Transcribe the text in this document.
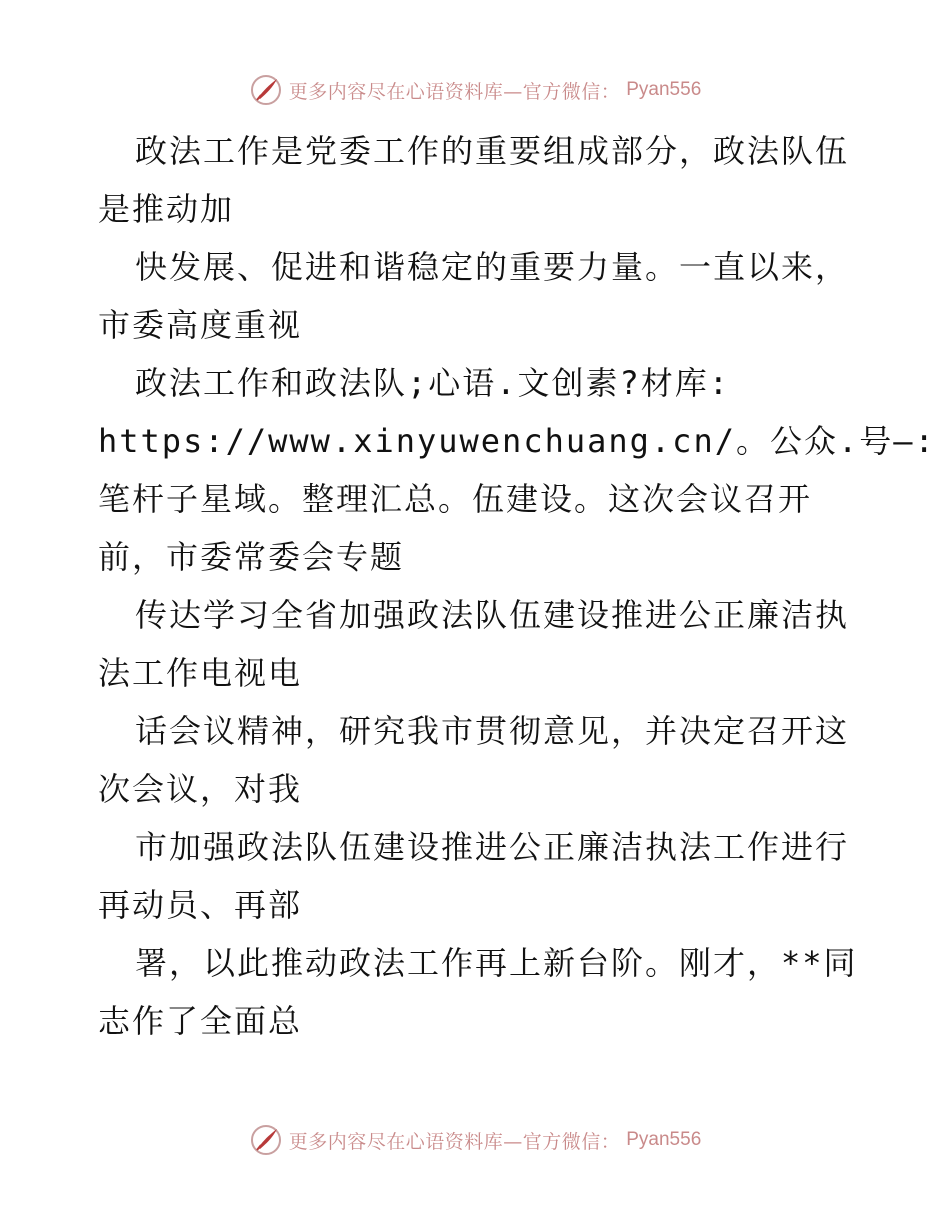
更多内容尽在心语资料库—官方微信： Pyan556
政法工作是党委工作的重要组成部分，政法队伍
是推动加
快发展、促进和谐稳定的重要力量。一直以来，
市委高度重视
政法工作和政法队;心语.文创素?材库:
https://www.xinyuwenchuang.cn/。公众.号—:
笔杆子星域。整理汇总。伍建设。这次会议召开
前，市委常委会专题
传达学习全省加强政法队伍建设推进公正廉洁执
法工作电视电
话会议精神，研究我市贯彻意见，并决定召开这
次会议，对我
市加强政法队伍建设推进公正廉洁执法工作进行
再动员、再部
署，以此推动政法工作再上新台阶。刚才，**同
志作了全面总
更多内容尽在心语资料库—官方微信： Pyan556
